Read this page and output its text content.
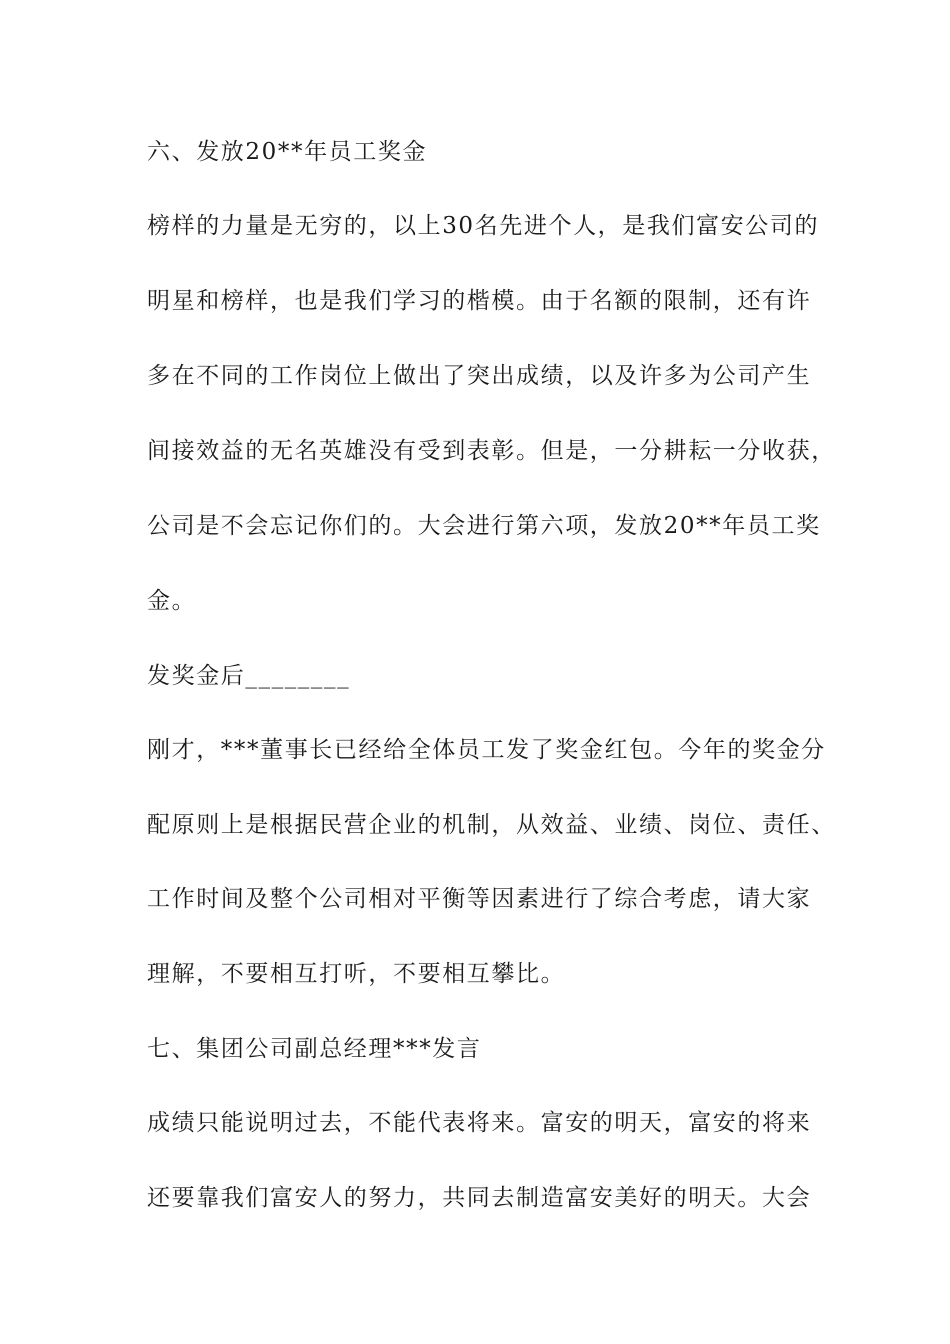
六、发放20**年员工奖金
榜样的力量是无穷的，以上30名先进个人，是我们富安公司的
明星和榜样，也是我们学习的楷模。由于名额的限制，还有许
多在不同的工作岗位上做出了突出成绩，以及许多为公司产生
间接效益的无名英雄没有受到表彰。但是，一分耕耘一分收获，
公司是不会忘记你们的。大会进行第六项，发放20**年员工奖
金。
发奖金后________
刚才，***董事长已经给全体员工发了奖金红包。今年的奖金分
配原则上是根据民营企业的机制，从效益、业绩、岗位、责任、
工作时间及整个公司相对平衡等因素进行了综合考虑，请大家
理解，不要相互打听，不要相互攀比。
七、集团公司副总经理***发言
成绩只能说明过去，不能代表将来。富安的明天，富安的将来
还要靠我们富安人的努力，共同去制造富安美好的明天。大会
